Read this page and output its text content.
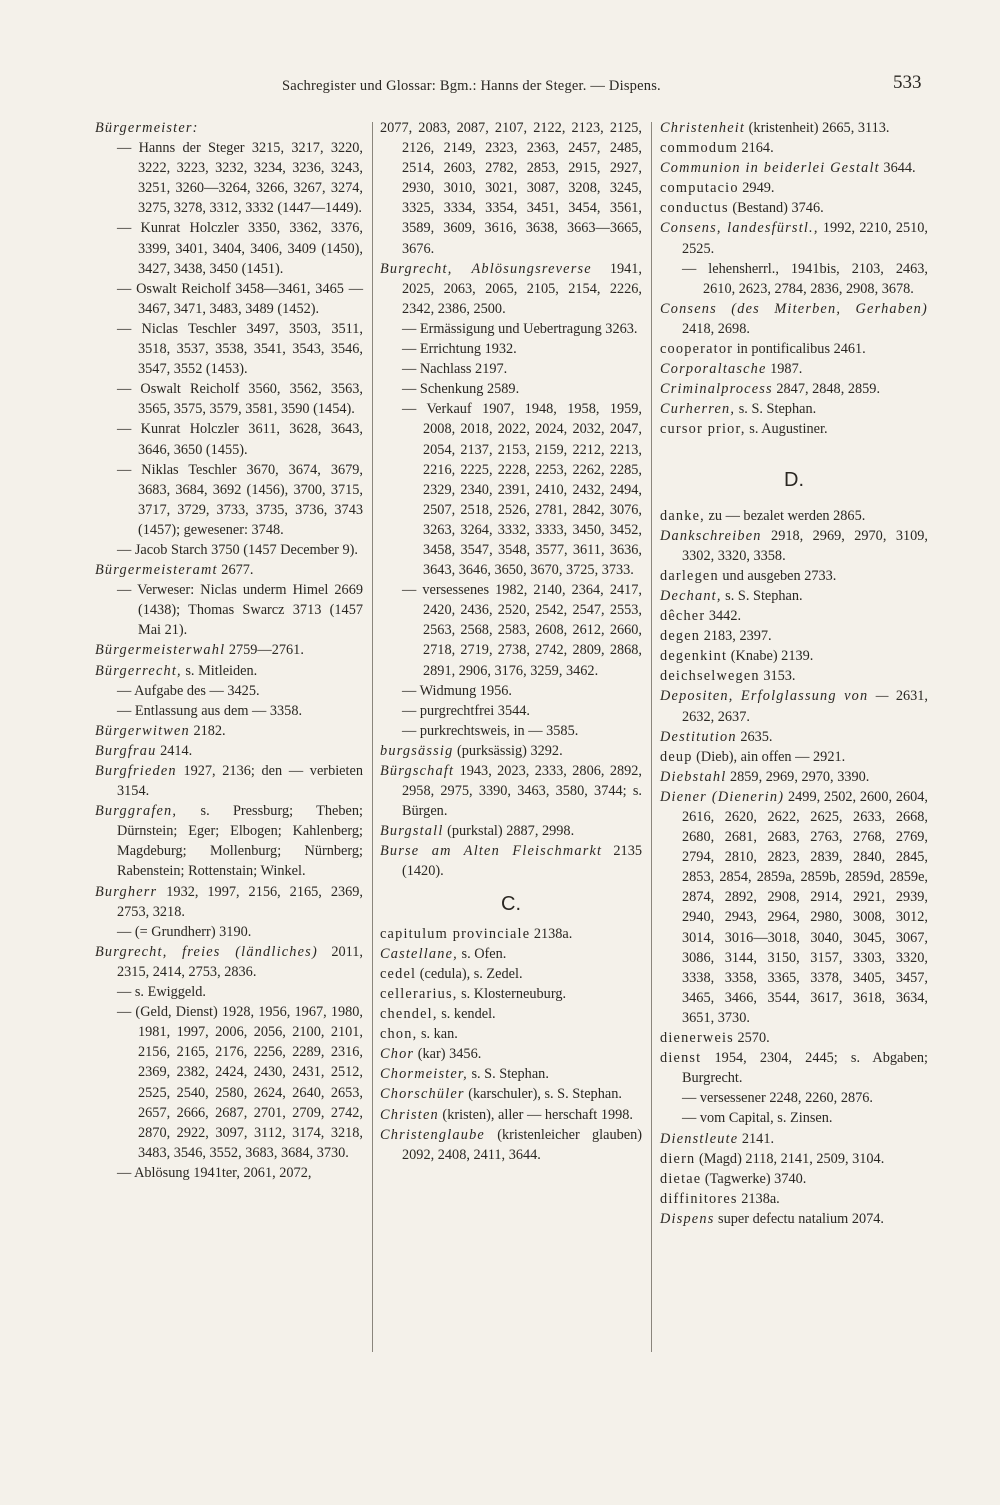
Sachregister und Glossar: Bgm.: Hanns der Steger. — Dispens.	533

Bürgermeister:

— Hanns der Steger 3215, 3217, 3220, 3222, 3223, 3232, 3234, 3236, 3243, 3251, 3260—3264, 3266, 3267, 3274, 3275, 3278, 3312, 3332 (1447—1449).

— Kunrat Holczler 3350, 3362, 3376, 3399, 3401, 3404, 3406, 3409 (1450), 3427, 3438, 3450 (1451).

— Oswalt Reicholf 3458—3461, 3465 —3467, 3471, 3483, 3489 (1452).

— Niclas Teschler 3497, 3503, 3511, 3518, 3537, 3538, 3541, 3543, 3546, 3547, 3552 (1453).

— Oswalt Reicholf 3560, 3562, 3563, 3565, 3575, 3579, 3581, 3590 (1454).

— Kunrat Holczler 3611, 3628, 3643, 3646, 3650 (1455).

— Niklas Teschler 3670, 3674, 3679, 3683, 3684, 3692 (1456), 3700, 3715, 3717, 3729, 3733, 3735, 3736, 3743 (1457); gewesener: 3748.

— Jacob Starch 3750 (1457 December 9).

Bürgermeisteramt 2677.

— Verweser: Niclas underm Himel 2669 (1438); Thomas Swarcz 3713 (1457 Mai 21).

Bürgermeisterwahl 2759—2761.

Bürgerrecht, s. Mitleiden.

— Aufgabe des — 3425.

— Entlassung aus dem — 3358.

Bürgerwitwen 2182.

Burgfrau 2414.

Burgfrieden 1927, 2136; den — verbieten 3154.

Burggrafen, s. Pressburg; Theben; Dürnstein; Eger; Elbogen; Kahlenberg; Magdeburg; Mollenburg; Nürnberg; Rabenstein; Rottenstain; Winkel.

Burgherr 1932, 1997, 2156, 2165, 2369, 2753, 3218.

— (= Grundherr) 3190.

Burgrecht, freies (ländliches) 2011, 2315, 2414, 2753, 2836.

— s. Ewiggeld.

— (Geld, Dienst) 1928, 1956, 1967, 1980, 1981, 1997, 2006, 2056, 2100, 2101, 2156, 2165, 2176, 2256, 2289, 2316, 2369, 2382, 2424, 2430, 2431, 2512, 2525, 2540, 2580, 2624, 2640, 2653, 2657, 2666, 2687, 2701, 2709, 2742, 2870, 2922, 3097, 3112, 3174, 3218, 3483, 3546, 3552, 3683, 3684, 3730.

— Ablösung 1941ter, 2061, 2072,

2077, 2083, 2087, 2107, 2122, 2123, 2125, 2126, 2149, 2323, 2363, 2457, 2485, 2514, 2603, 2782, 2853, 2915, 2927, 2930, 3010, 3021, 3087, 3208, 3245, 3325, 3334, 3354, 3451, 3454, 3561, 3589, 3609, 3616, 3638, 3663—3665, 3676.

Burgrecht, Ablösungsreverse 1941, 2025, 2063, 2065, 2105, 2154, 2226, 2342, 2386, 2500.

— Ermässigung und Uebertragung 3263.

— Errichtung 1932.

— Nachlass 2197.

— Schenkung 2589.

— Verkauf 1907, 1948, 1958, 1959, 2008, 2018, 2022, 2024, 2032, 2047, 2054, 2137, 2153, 2159, 2212, 2213, 2216, 2225, 2228, 2253, 2262, 2285, 2329, 2340, 2391, 2410, 2432, 2494, 2507, 2518, 2526, 2781, 2842, 3076, 3263, 3264, 3332, 3333, 3450, 3452, 3458, 3547, 3548, 3577, 3611, 3636, 3643, 3646, 3650, 3670, 3725, 3733.

— versessenes 1982, 2140, 2364, 2417, 2420, 2436, 2520, 2542, 2547, 2553, 2563, 2568, 2583, 2608, 2612, 2660, 2718, 2719, 2738, 2742, 2809, 2868, 2891, 2906, 3176, 3259, 3462.

— Widmung 1956.

— purgrechtfrei 3544.

— purkrechtsweis, in — 3585.

burgsässig (purksässig) 3292.

Bürgschaft 1943, 2023, 2333, 2806, 2892, 2958, 2975, 3390, 3463, 3580, 3744; s. Bürgen.

Burgstall (purkstal) 2887, 2998.

Burse am Alten Fleischmarkt 2135 (1420).

C.

capitulum provinciale 2138a.

Castellane, s. Ofen.

cedel (cedula), s. Zedel.

cellerarius, s. Klosterneuburg.

chendel, s. kendel.

chon, s. kan.

Chor (kar) 3456.

Chormeister, s. S. Stephan.

Chorschüler (karschuler), s. S. Stephan.

Christen (kristen), aller — herschaft 1998.

Christenglaube (kristenleicher glauben) 2092, 2408, 2411, 3644.

Christenheit (kristenheit) 2665, 3113.

commodum 2164.

Communion in beiderlei Gestalt 3644.

computacio 2949.

conductus (Bestand) 3746.

Consens, landesfürstl., 1992, 2210, 2510, 2525.

— lehensherrl., 1941bis, 2103, 2463, 2610, 2623, 2784, 2836, 2908, 3678.

Consens (des Miterben, Gerhaben) 2418, 2698.

cooperator in pontificalibus 2461.

Corporaltasche 1987.

Criminalprocess 2847, 2848, 2859.

Curherren, s. S. Stephan.

cursor prior, s. Augustiner.

D.

danke, zu — bezalet werden 2865.

Dankschreiben 2918, 2969, 2970, 3109, 3302, 3320, 3358.

darlegen und ausgeben 2733.

Dechant, s. S. Stephan.

dêcher 3442.

degen 2183, 2397.

degenkint (Knabe) 2139.

deichselwegen 3153.

Depositen, Erfolglassung von — 2631, 2632, 2637.

Destitution 2635.

deup (Dieb), ain offen — 2921.

Diebstahl 2859, 2969, 2970, 3390.

Diener (Dienerin) 2499, 2502, 2600, 2604, 2616, 2620, 2622, 2625, 2633, 2668, 2680, 2681, 2683, 2763, 2768, 2769, 2794, 2810, 2823, 2839, 2840, 2845, 2853, 2854, 2859a, 2859b, 2859d, 2859e, 2874, 2892, 2908, 2914, 2921, 2939, 2940, 2943, 2964, 2980, 3008, 3012, 3014, 3016—3018, 3040, 3045, 3067, 3086, 3144, 3150, 3157, 3303, 3320, 3338, 3358, 3365, 3378, 3405, 3457, 3465, 3466, 3544, 3617, 3618, 3634, 3651, 3730.

dienerweis 2570.

dienst 1954, 2304, 2445; s. Abgaben; Burgrecht.

— versessener 2248, 2260, 2876.

— vom Capital, s. Zinsen.

Dienstleute 2141.

diern (Magd) 2118, 2141, 2509, 3104.

dietae (Tagwerke) 3740.

diffinitores 2138a.

Dispens super defectu natalium 2074.
